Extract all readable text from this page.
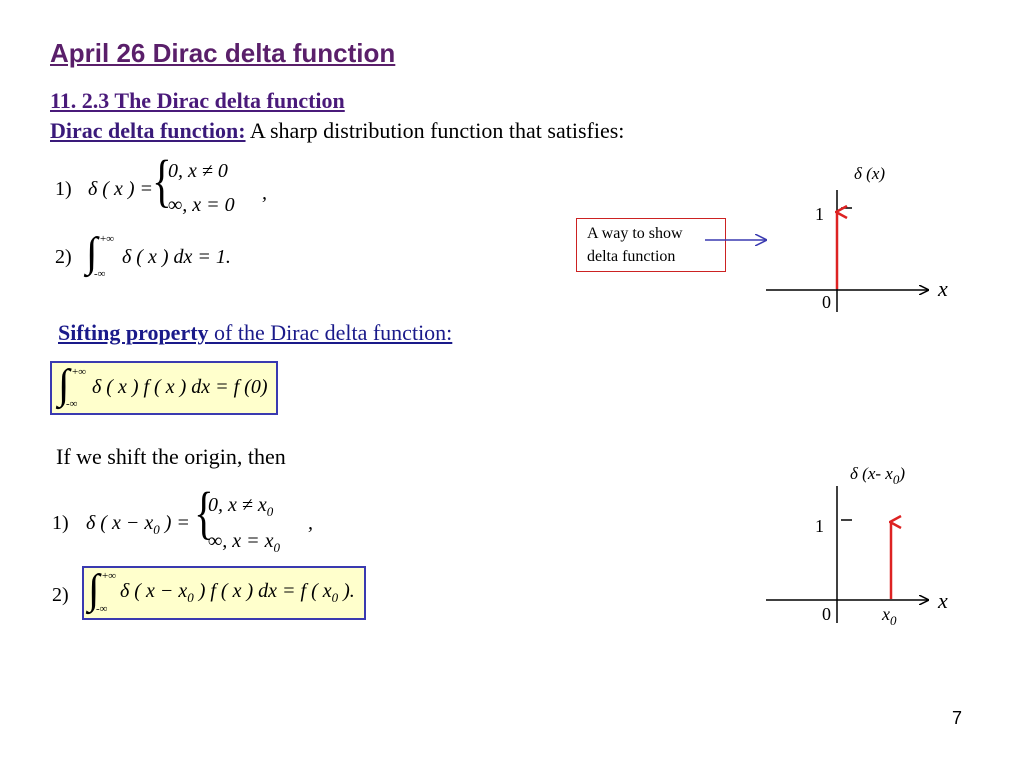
April 26 Dirac delta function
11. 2.3 The Dirac delta function
Dirac delta function: A sharp distribution function that satisfies:
1) δ ( x ) = {
0, x ≠ 0
∞, x = 0
,
2) ∫ +∞
-∞
δ ( x ) dx = 1.
A way to show
delta function
Sifting property of the Dirac delta function:
∫ +∞
-∞
δ ( x ) f ( x ) dx = f (0)
If we shift the origin, then
1) δ ( $x - x_0$ ) = {
0, $x \ne x_0$
∞, $x = x_0$
,
2) ∫ +∞
-∞
δ ( $x - x_0$ ) f ( x ) dx = f ( $x_0$ ).
δ (x)
1
x
0
δ (x- $x_0$)
1
x
0	$x_0$
7
